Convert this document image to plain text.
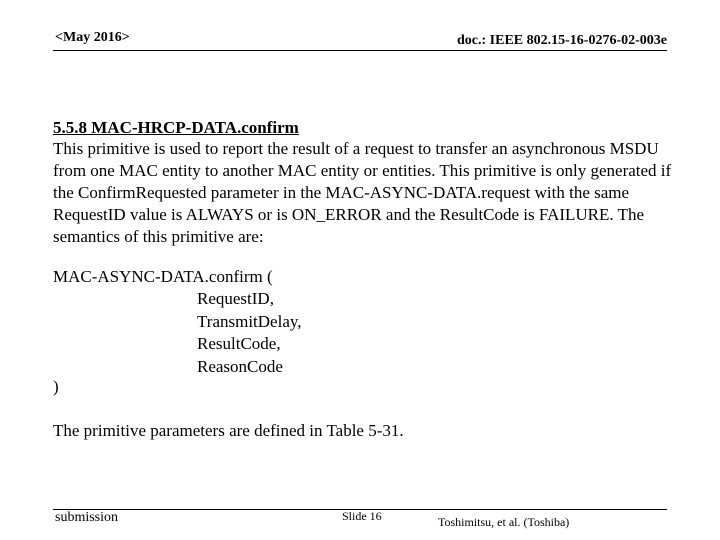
<May 2016>	doc.: IEEE 802.15-16-0276-02-003e
5.5.8 MAC-HRCP-DATA.confirm

This primitive is used to report the result of a request to transfer an asynchronous MSDU from one MAC entity to another MAC entity or entities. This primitive is only generated if the ConfirmRequested parameter in the MAC-ASYNC-DATA.request with the same RequestID value is ALWAYS or is ON_ERROR and the ResultCode is FAILURE. The semantics of this primitive are:

MAC-ASYNC-DATA.confirm (
RequestID,
TransmitDelay,
ResultCode,
ReasonCode
)
The primitive parameters are defined in Table 5-31.
submission	Slide 16	Toshimitsu, et al. (Toshiba)
